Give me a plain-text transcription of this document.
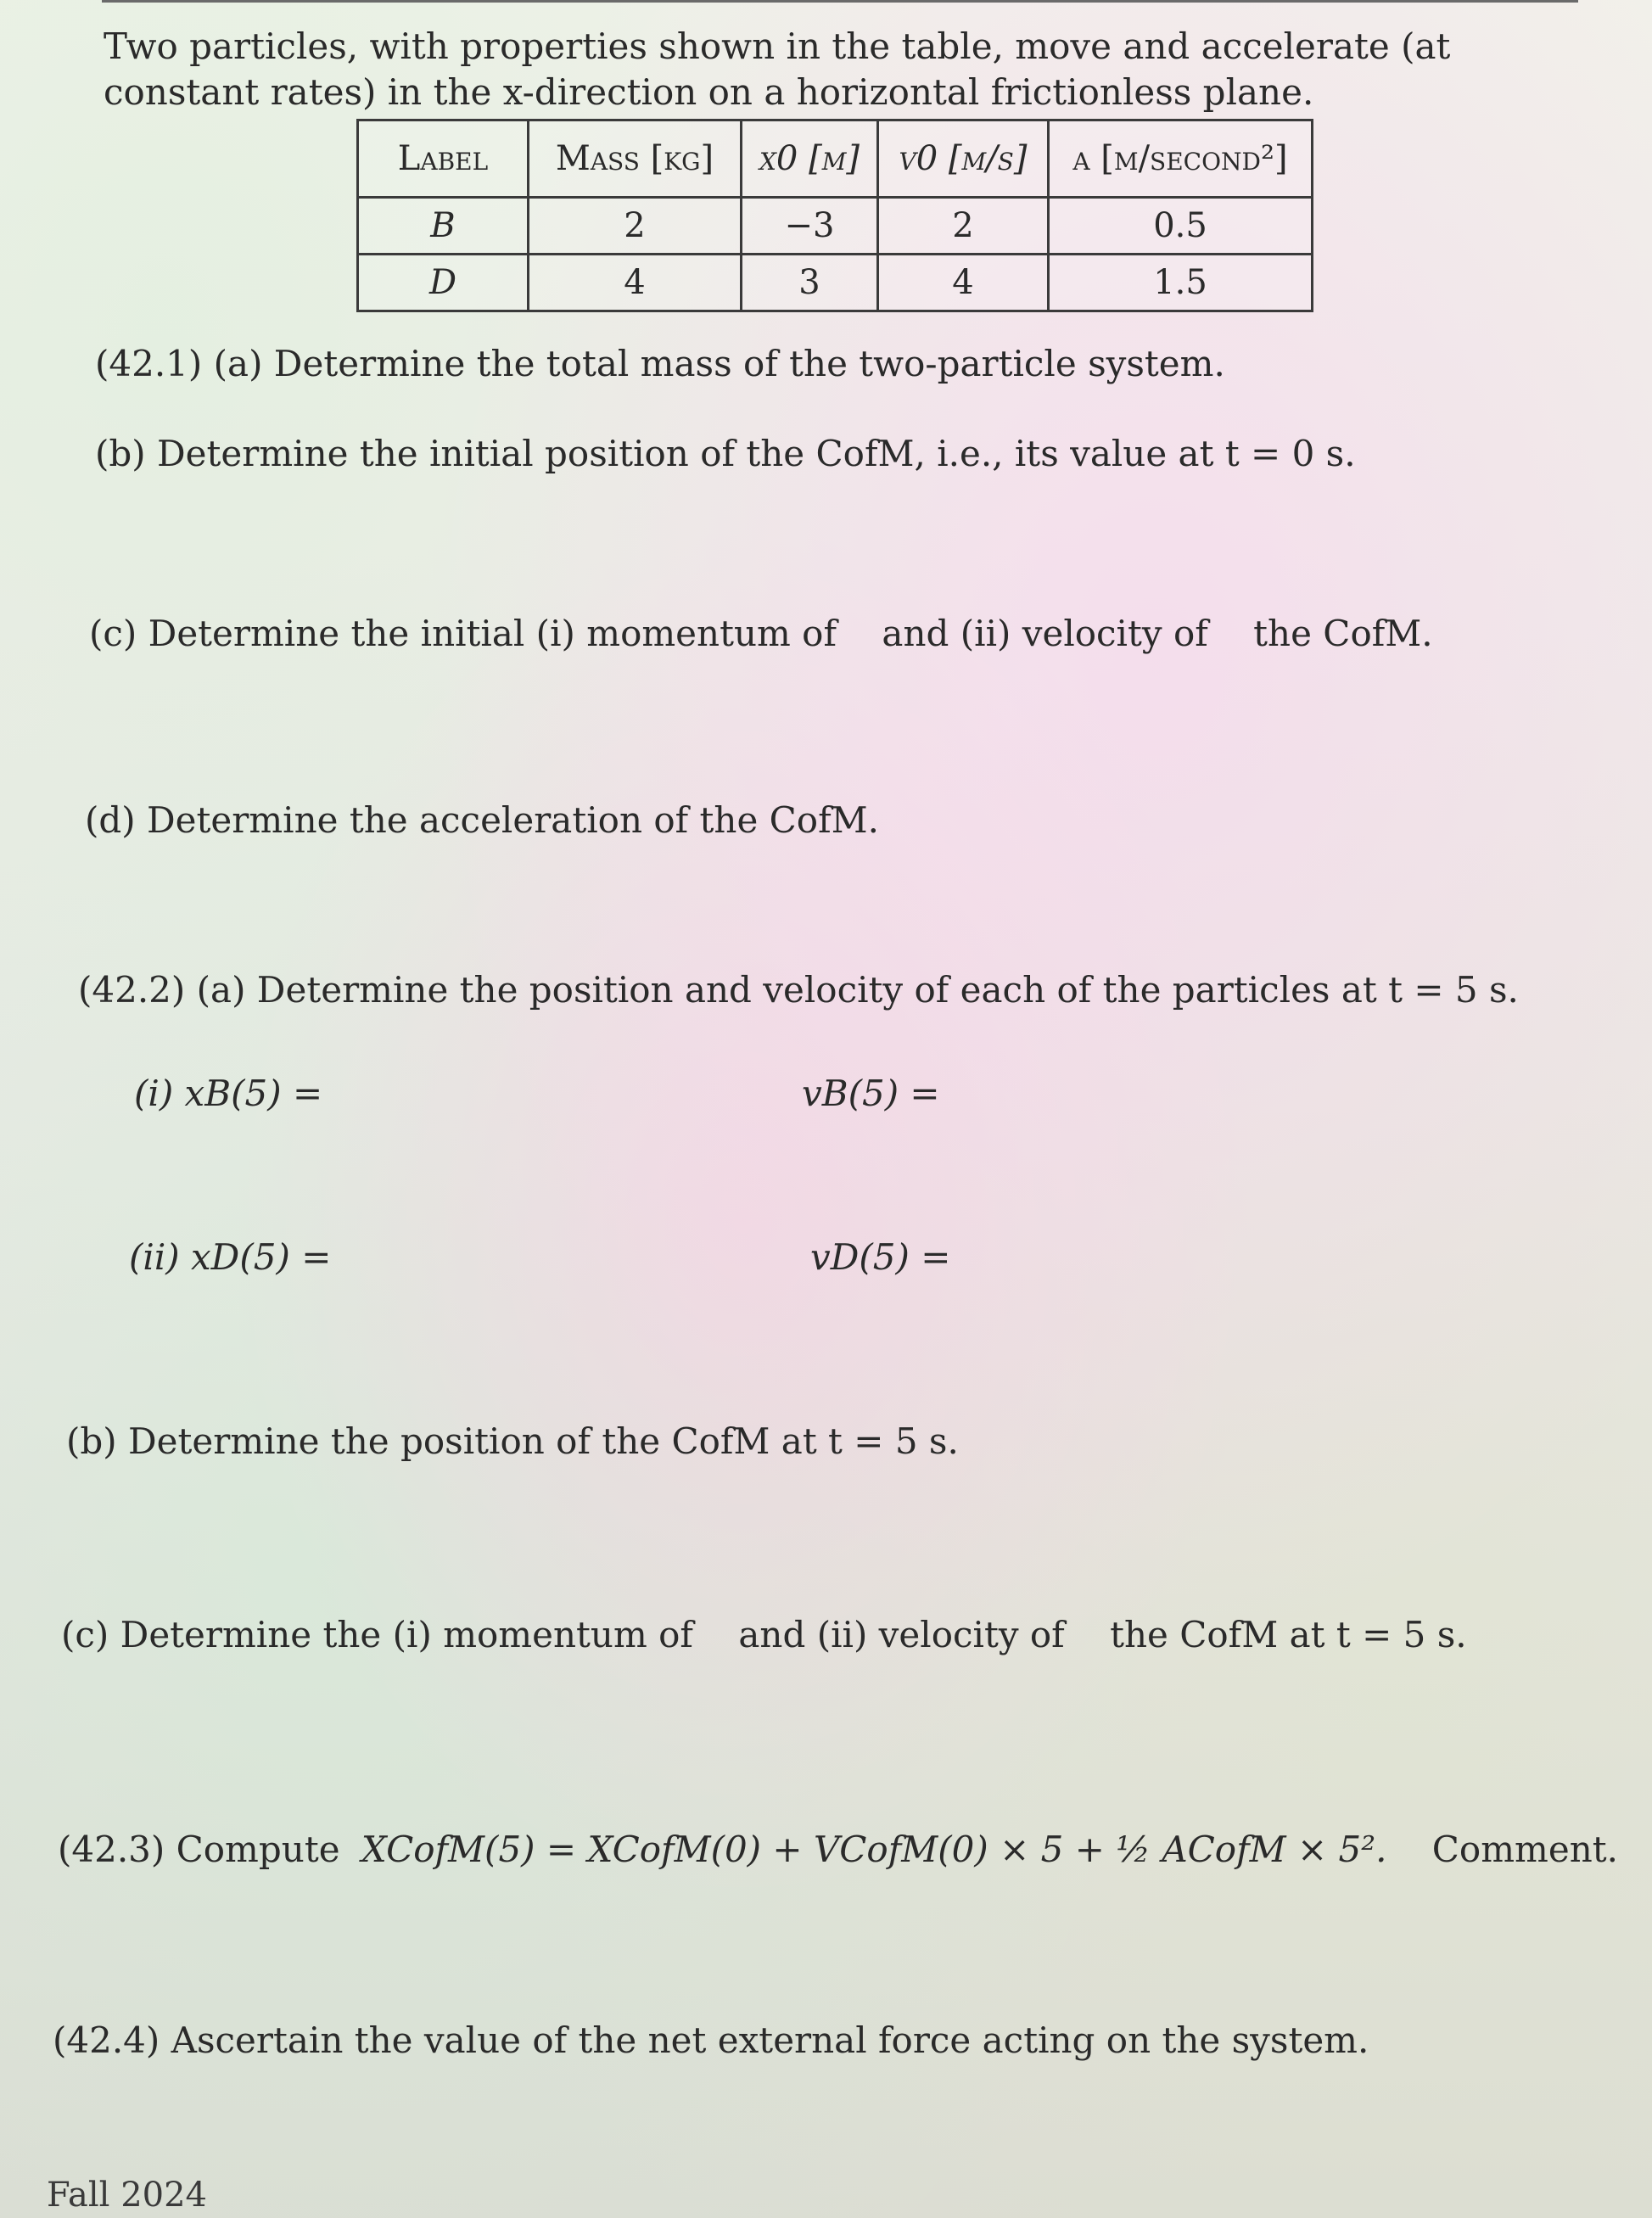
Two particles, with properties shown in the table, move and accelerate (at constant rates) in the x-direction on a horizontal frictionless plane.
Label	Mass [kg]	x0 [m]	v0 [m/s]	a [m/second²]
B	2	−3	2	0.5
D	4	3	4	1.5
(42.1) (a) Determine the total mass of the two-particle system.
(b) Determine the initial position of the CofM, i.e., its value at t = 0 s.
(c) Determine the initial (i) momentum of    and (ii) velocity of    the CofM.
(d) Determine the acceleration of the CofM.
(42.2) (a) Determine the position and velocity of each of the particles at t = 5 s.
(i) xB(5) =	vB(5) =
(ii) xD(5) =	vD(5) =
(b) Determine the position of the CofM at t = 5 s.
(c) Determine the (i) momentum of    and (ii) velocity of    the CofM at t = 5 s.
(42.3) Compute XCofM(5) = XCofM(0) + VCofM(0) × 5 + ½ ACofM × 5². Comment.
(42.4) Ascertain the value of the net external force acting on the system.
Fall 2024
